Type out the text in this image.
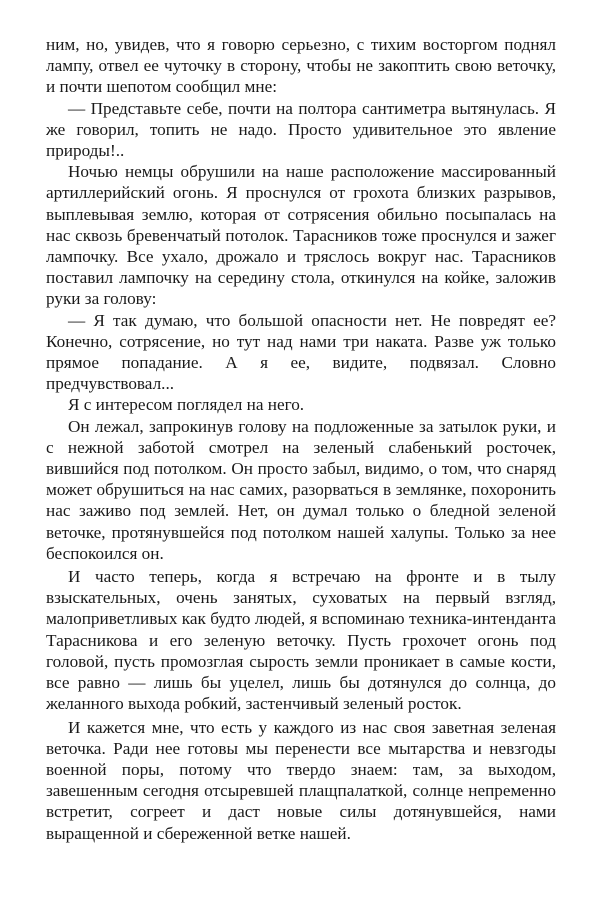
ним, но, увидев, что я говорю серьезно, с тихим восторгом поднял лампу, отвел ее чуточку в сторону, чтобы не закоптить свою веточку, и почти шепотом сообщил мне:

— Представьте себе, почти на полтора сантиметра вытянулась. Я же говорил, топить не надо. Просто удивительное это явление природы!..

Ночью немцы обрушили на наше расположение массированный артиллерийский огонь. Я проснулся от грохота близких разрывов, выплевывая землю, которая от сотрясения обильно посыпалась на нас сквозь бревенчатый потолок. Тарасников тоже проснулся и зажег лампочку. Все ухало, дрожало и тряслось вокруг нас. Тарасников поставил лампочку на середину стола, откинулся на койке, заложив руки за голову:

— Я так думаю, что большой опасности нет. Не повредят ее? Конечно, сотрясение, но тут над нами три наката. Разве уж только прямое попадание. А я ее, видите, подвязал. Словно предчувствовал...

Я с интересом поглядел на него.

Он лежал, запрокинув голову на подложенные за затылок руки, и с нежной заботой смотрел на зеленый слабенький росточек, вившийся под потолком. Он просто забыл, видимо, о том, что снаряд может обрушиться на нас самих, разорваться в землянке, похоронить нас заживо под землей. Нет, он думал только о бледной зеленой веточке, протянувшейся под потолком нашей халупы. Только за нее беспокоился он.

И часто теперь, когда я встречаю на фронте и в тылу взыскательных, очень занятых, суховатых на первый взгляд, малоприветливых как будто людей, я вспоминаю техника-интенданта Тарасникова и его зеленую веточку. Пусть грохочет огонь под головой, пусть промозглая сырость земли проникает в самые кости, все равно — лишь бы уцелел, лишь бы дотянулся до солнца, до желанного выхода робкий, застенчивый зеленый росток.

И кажется мне, что есть у каждого из нас своя заветная зеленая веточка. Ради нее готовы мы перенести все мытарства и невзгоды военной поры, потому что твердо знаем: там, за выходом, завешенным сегодня отсыревшей плащпалаткой, солнце непременно встретит, согреет и даст новые силы дотянувшейся, нами выращенной и сбереженной ветке нашей.
